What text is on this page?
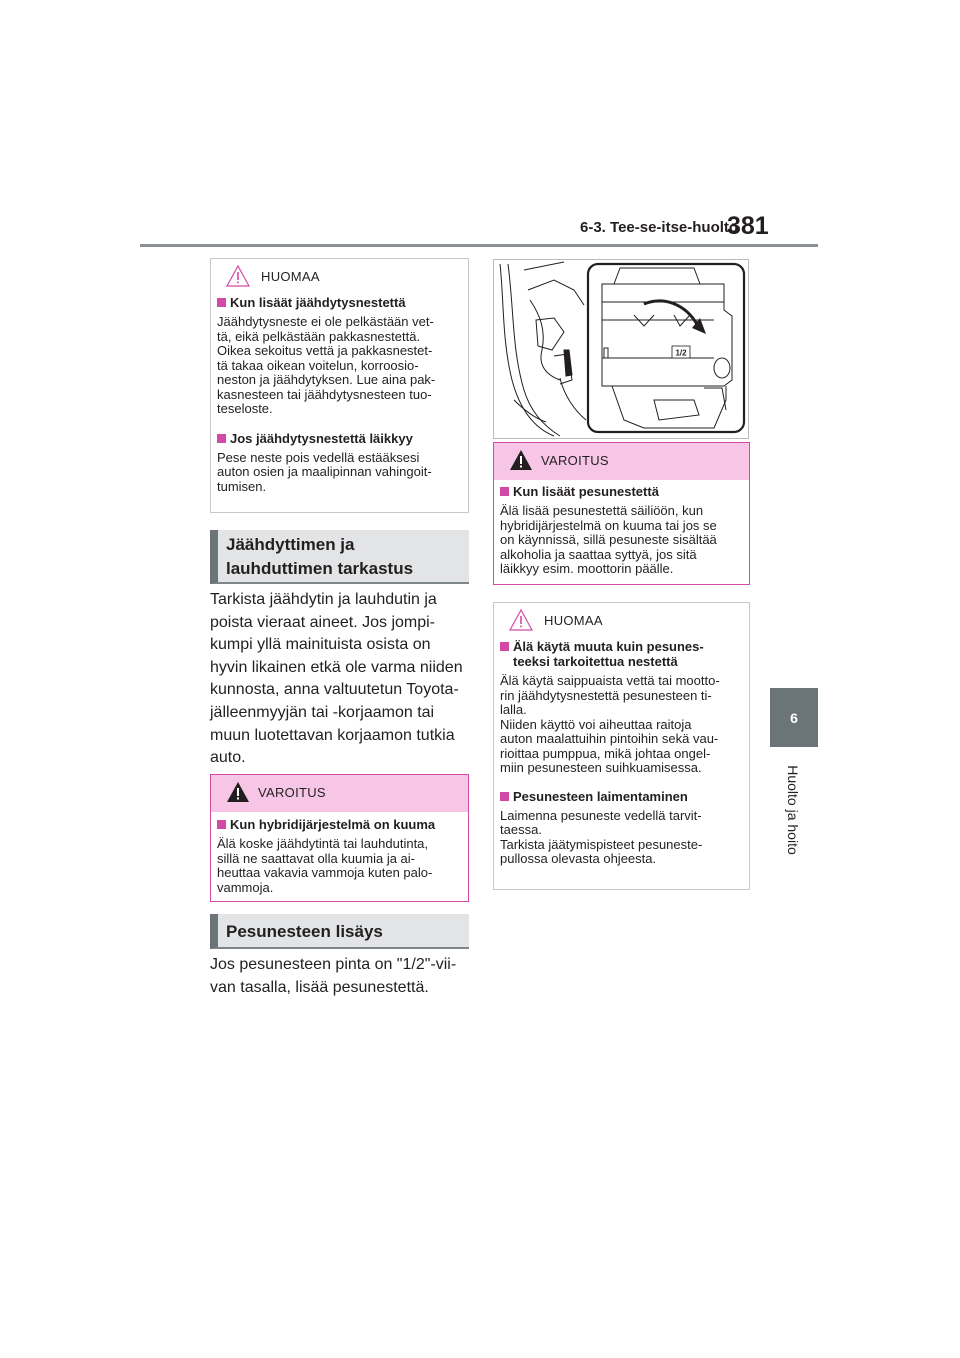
6-3. Tee-se-itse-huolto
381
6
Huolto ja hoito
HUOMAA
Kun lisäät jäähdytysnestettä
Jäähdytysneste ei ole pelkästään vet-
tä, eikä pelkästään pakkasnestettä.
Oikea sekoitus vettä ja pakkasnestet-
tä takaa oikean voitelun, korroosio-
neston ja jäähdytyksen. Lue aina pak-
kasnesteen tai jäähdytysnesteen tuo-
teseloste.
Jos jäähdytysnestettä läikkyy
Pese neste pois vedellä estääksesi
auton osien ja maalipinnan vahingoit-
tumisen.
Jäähdyttimen ja
lauhduttimen tarkastus
Tarkista jäähdytin ja lauhdutin ja
poista vieraat aineet. Jos jompi-
kumpi yllä mainituista osista on
hyvin likainen etkä ole varma niiden
kunnosta, anna valtuutetun Toyota-
jälleenmyyjän tai -korjaamon tai
muun luotettavan korjaamon tutkia
auto.
VAROITUS
Kun hybridijärjestelmä on kuuma
Älä koske jäähdytintä tai lauhdutinta,
sillä ne saattavat olla kuumia ja ai-
heuttaa vakavia vammoja kuten palo-
vammoja.
Pesunesteen lisäys
Jos pesunesteen pinta on "1/2"-vii-
van tasalla, lisää pesunestettä.
1/2
VAROITUS
Kun lisäät pesunestettä
Älä lisää pesunestettä säiliöön, kun
hybridijärjestelmä on kuuma tai jos se
on käynnissä, sillä pesuneste sisältää
alkoholia ja saattaa syttyä, jos sitä
läikkyy esim. moottorin päälle.
HUOMAA
Älä käytä muuta kuin pesunes-
teeksi tarkoitettua nestettä
Älä käytä saippuaista vettä tai mootto-
rin jäähdytysnestettä pesunesteen ti-
lalla.
Niiden käyttö voi aiheuttaa raitoja
auton maalattuihin pintoihin sekä vau-
rioittaa pumppua, mikä johtaa ongel-
miin pesunesteen suihkuamisessa.
Pesunesteen laimentaminen
Laimenna pesuneste vedellä tarvit-
taessa.
Tarkista jäätymispisteet pesuneste-
pullossa olevasta ohjeesta.
